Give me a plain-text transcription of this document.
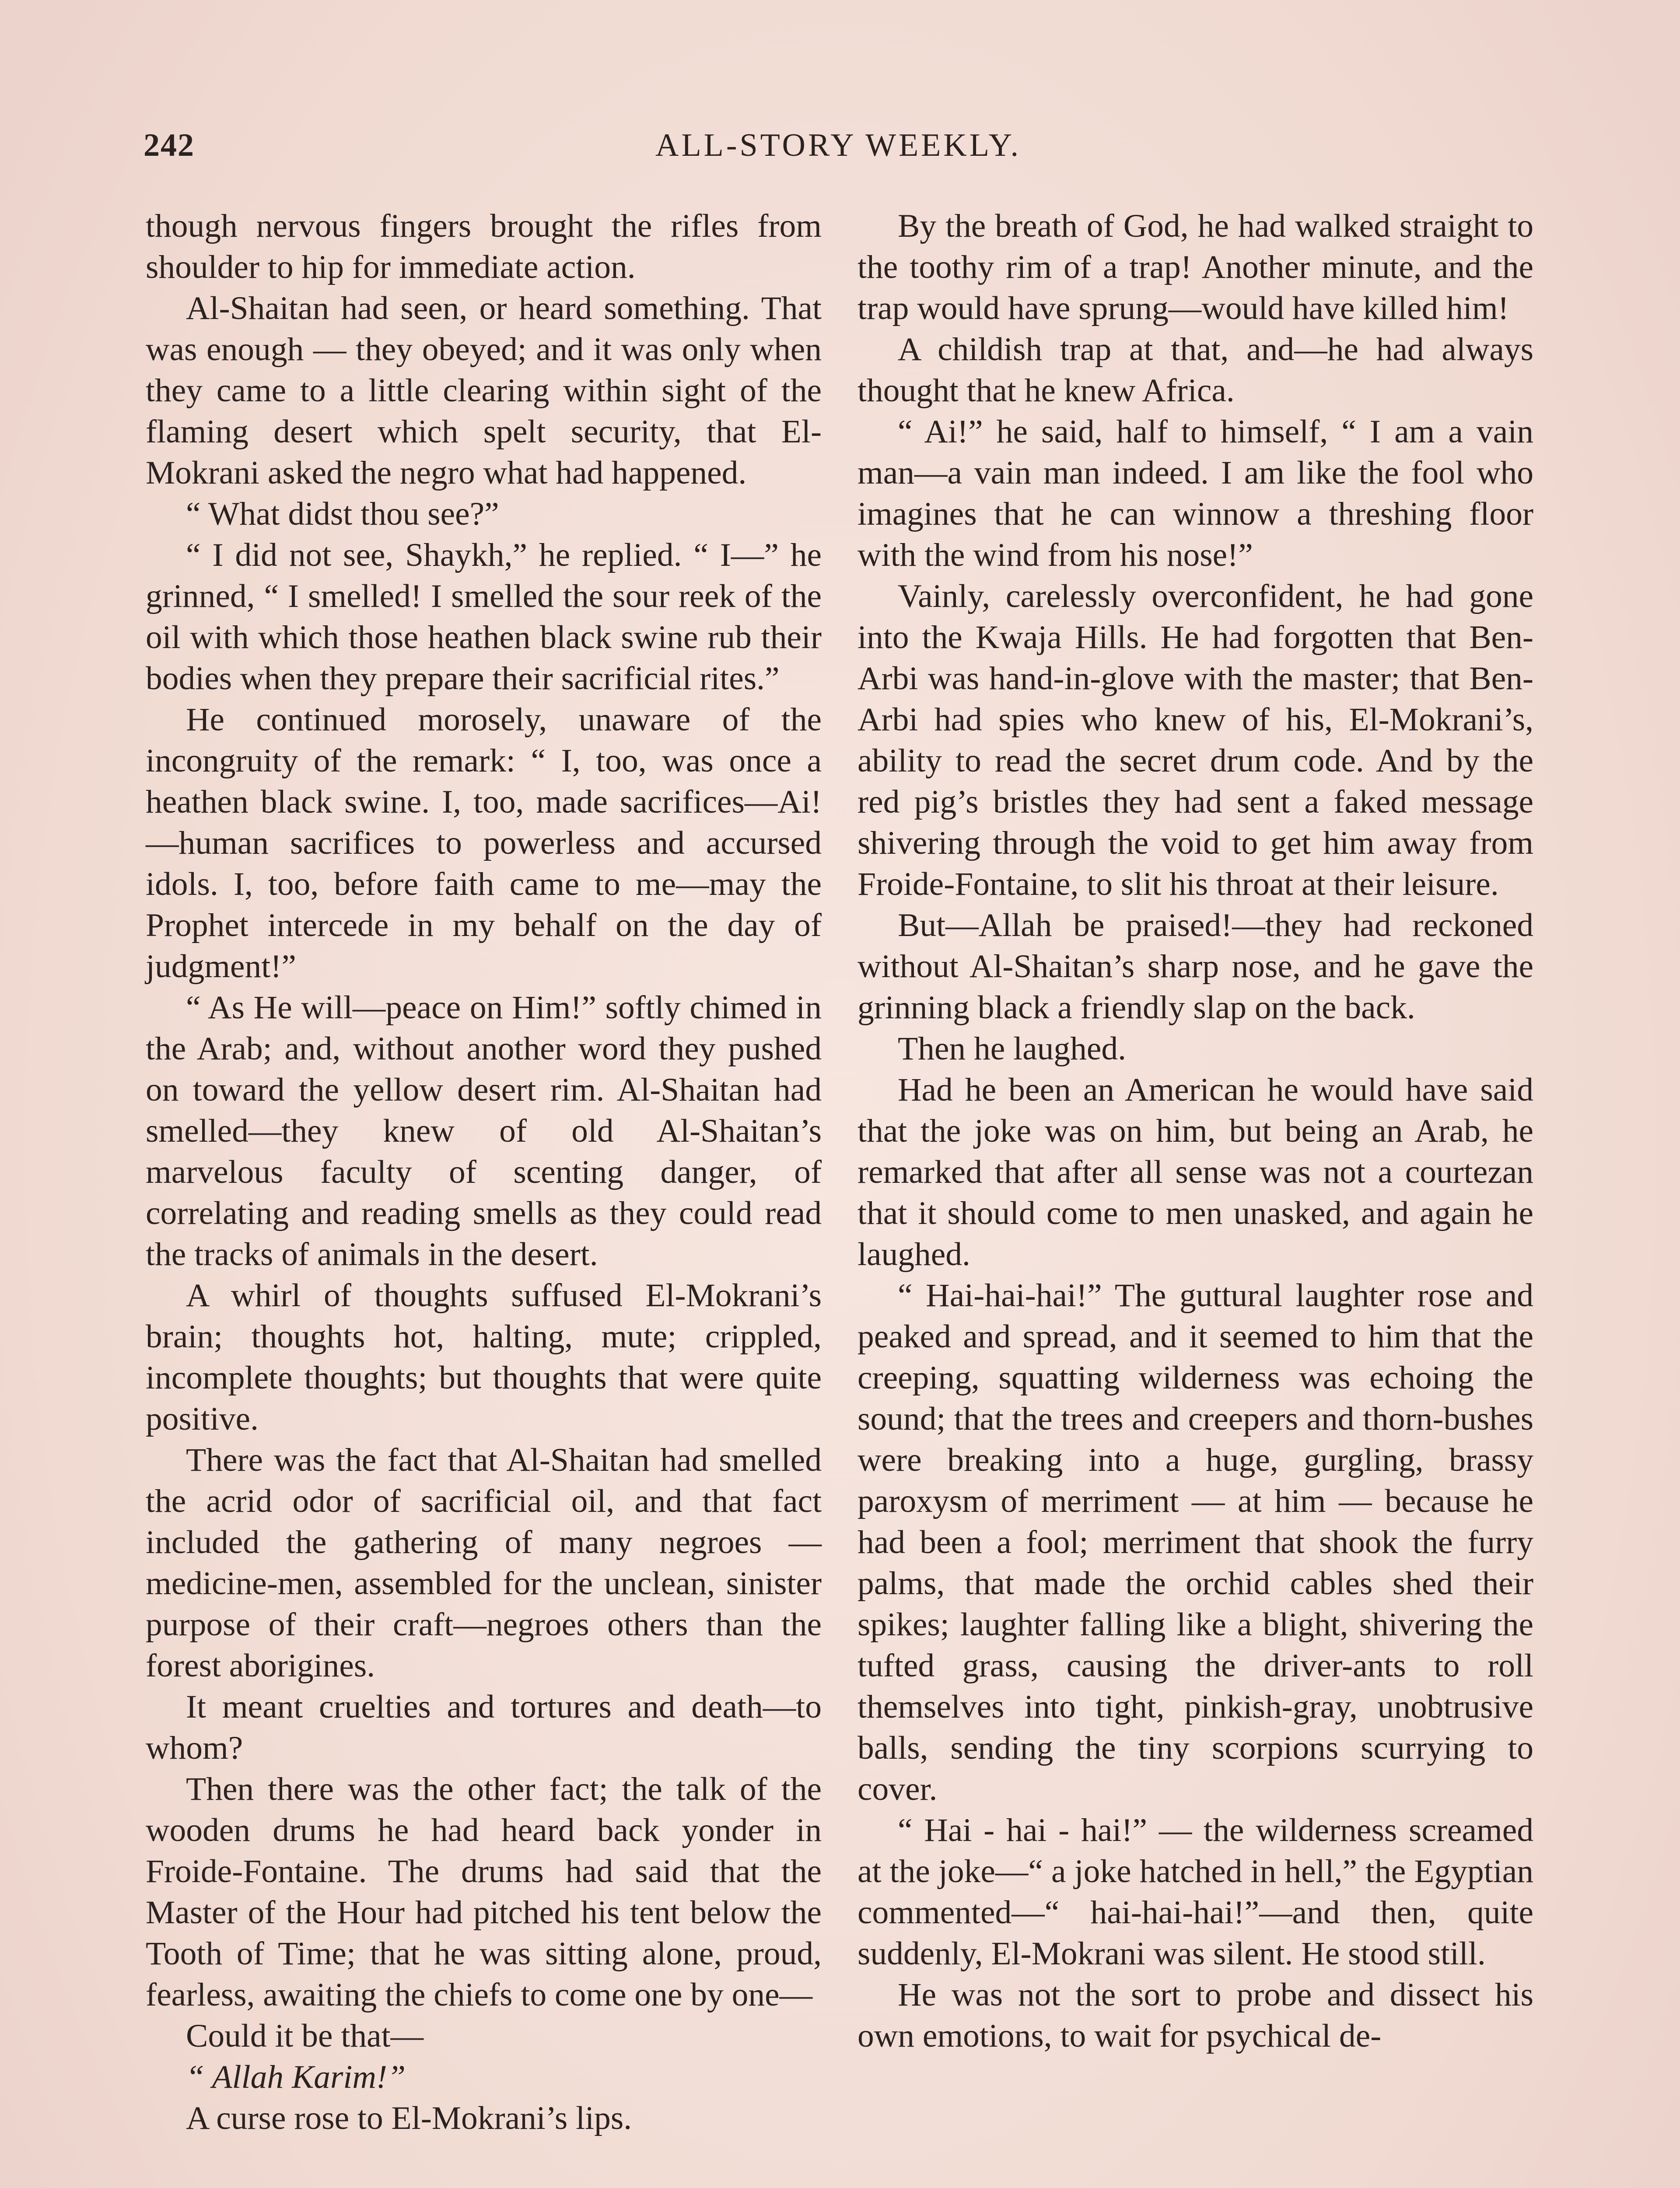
242	ALL-STORY WEEKLY.

though nervous fingers brought the rifles from shoulder to hip for immediate action.

Al-Shaitan had seen, or heard something. That was enough — they obeyed; and it was only when they came to a little clearing within sight of the flaming desert which spelt security, that El-Mokrani asked the negro what had happened.

“ What didst thou see?”

“ I did not see, Shaykh,” he replied. “ I—” he grinned, “ I smelled! I smelled the sour reek of the oil with which those heathen black swine rub their bodies when they prepare their sacrificial rites.”

He continued morosely, unaware of the incongruity of the remark: “ I, too, was once a heathen black swine. I, too, made sacrifices—Ai!—human sacrifices to powerless and accursed idols. I, too, before faith came to me—may the Prophet intercede in my behalf on the day of judgment!”

“ As He will—peace on Him!” softly chimed in the Arab; and, without another word they pushed on toward the yellow desert rim. Al-Shaitan had smelled—they knew of old Al-Shaitan’s marvelous faculty of scenting danger, of correlating and reading smells as they could read the tracks of animals in the desert.

A whirl of thoughts suffused El-Mokrani’s brain; thoughts hot, halting, mute; crippled, incomplete thoughts; but thoughts that were quite positive.

There was the fact that Al-Shaitan had smelled the acrid odor of sacrificial oil, and that fact included the gathering of many negroes — medicine-men, assembled for the unclean, sinister purpose of their craft—negroes others than the forest aborigines.

It meant cruelties and tortures and death—to whom?

Then there was the other fact; the talk of the wooden drums he had heard back yonder in Froide-Fontaine. The drums had said that the Master of the Hour had pitched his tent below the Tooth of Time; that he was sitting alone, proud, fearless, awaiting the chiefs to come one by one—

Could it be that—

“ Allah Karim!”

A curse rose to El-Mokrani’s lips.

By the breath of God, he had walked straight to the toothy rim of a trap! Another minute, and the trap would have sprung—would have killed him!

A childish trap at that, and—he had always thought that he knew Africa.

“ Ai!” he said, half to himself, “ I am a vain man—a vain man indeed. I am like the fool who imagines that he can winnow a threshing floor with the wind from his nose!”

Vainly, carelessly overconfident, he had gone into the Kwaja Hills. He had forgotten that Ben-Arbi was hand-in-glove with the master; that Ben-Arbi had spies who knew of his, El-Mokrani’s, ability to read the secret drum code. And by the red pig’s bristles they had sent a faked message shivering through the void to get him away from Froide-Fontaine, to slit his throat at their leisure.

But—Allah be praised!—they had reckoned without Al-Shaitan’s sharp nose, and he gave the grinning black a friendly slap on the back.

Then he laughed.

Had he been an American he would have said that the joke was on him, but being an Arab, he remarked that after all sense was not a courtezan that it should come to men unasked, and again he laughed.

“ Hai-hai-hai!” The guttural laughter rose and peaked and spread, and it seemed to him that the creeping, squatting wilderness was echoing the sound; that the trees and creepers and thorn-bushes were breaking into a huge, gurgling, brassy paroxysm of merriment — at him — because he had been a fool; merriment that shook the furry palms, that made the orchid cables shed their spikes; laughter falling like a blight, shivering the tufted grass, causing the driver-ants to roll themselves into tight, pinkish-gray, unobtrusive balls, sending the tiny scorpions scurrying to cover.

“ Hai - hai - hai!” — the wilderness screamed at the joke—“ a joke hatched in hell,” the Egyptian commented—“ hai-hai-hai!”—and then, quite suddenly, El-Mokrani was silent. He stood still.

He was not the sort to probe and dissect his own emotions, to wait for psychical de-
